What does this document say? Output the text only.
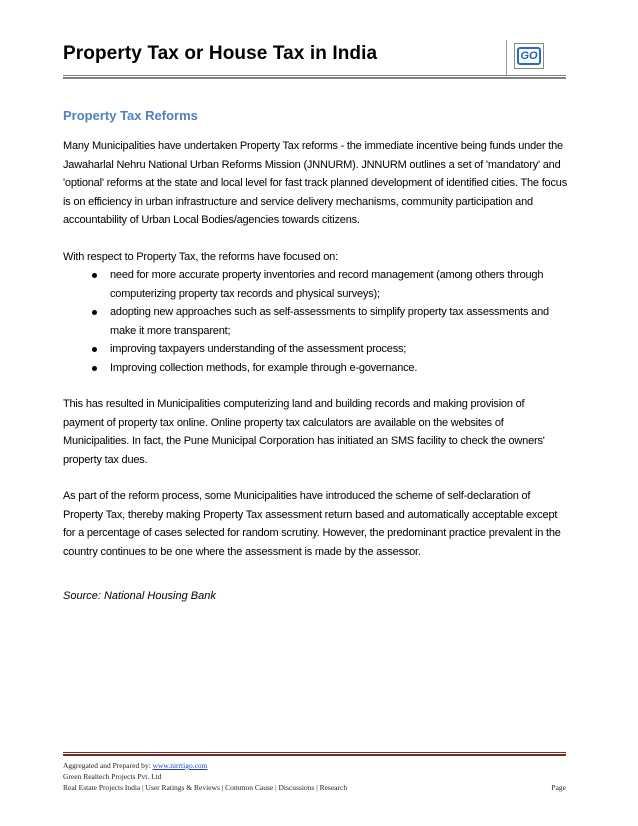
Property Tax or House Tax in India	GO
Property Tax Reforms

Many Municipalities have undertaken Property Tax reforms - the immediate incentive being funds under the Jawaharlal Nehru National Urban Reforms Mission (JNNURM). JNNURM outlines a set of 'mandatory' and 'optional' reforms at the state and local level for fast track planned development of identified cities. The focus is on efficiency in urban infrastructure and service delivery mechanisms, community participation and accountability of Urban Local Bodies/agencies towards citizens.

With respect to Property Tax, the reforms have focused on:

need for more accurate property inventories and record management (among others through computerizing property tax records and physical surveys);
adopting new approaches such as self-assessments to simplify property tax assessments and make it more transparent;
improving taxpayers understanding of the assessment process;
Improving collection methods, for example through e-governance.

This has resulted in Municipalities computerizing land and building records and making provision of payment of property tax online. Online property tax calculators are available on the websites of Municipalities. In fact, the Pune Municipal Corporation has initiated an SMS facility to check the owners' property tax dues.

As part of the reform process, some Municipalities have introduced the scheme of self-declaration of Property Tax, thereby making Property Tax assessment return based and automatically acceptable except for a percentage of cases selected for random scrutiny. However, the predominant practice prevalent in the country continues to be one where the assessment is made by the assessor.

Source: National Housing Bank
Aggregated and Prepared by: www.nirrtigo.com
Green Realtech Projects Pvt. Ltd
Real Estate Projects India | User Ratings & Reviews | Common Cause | Discussions | Research	Page
